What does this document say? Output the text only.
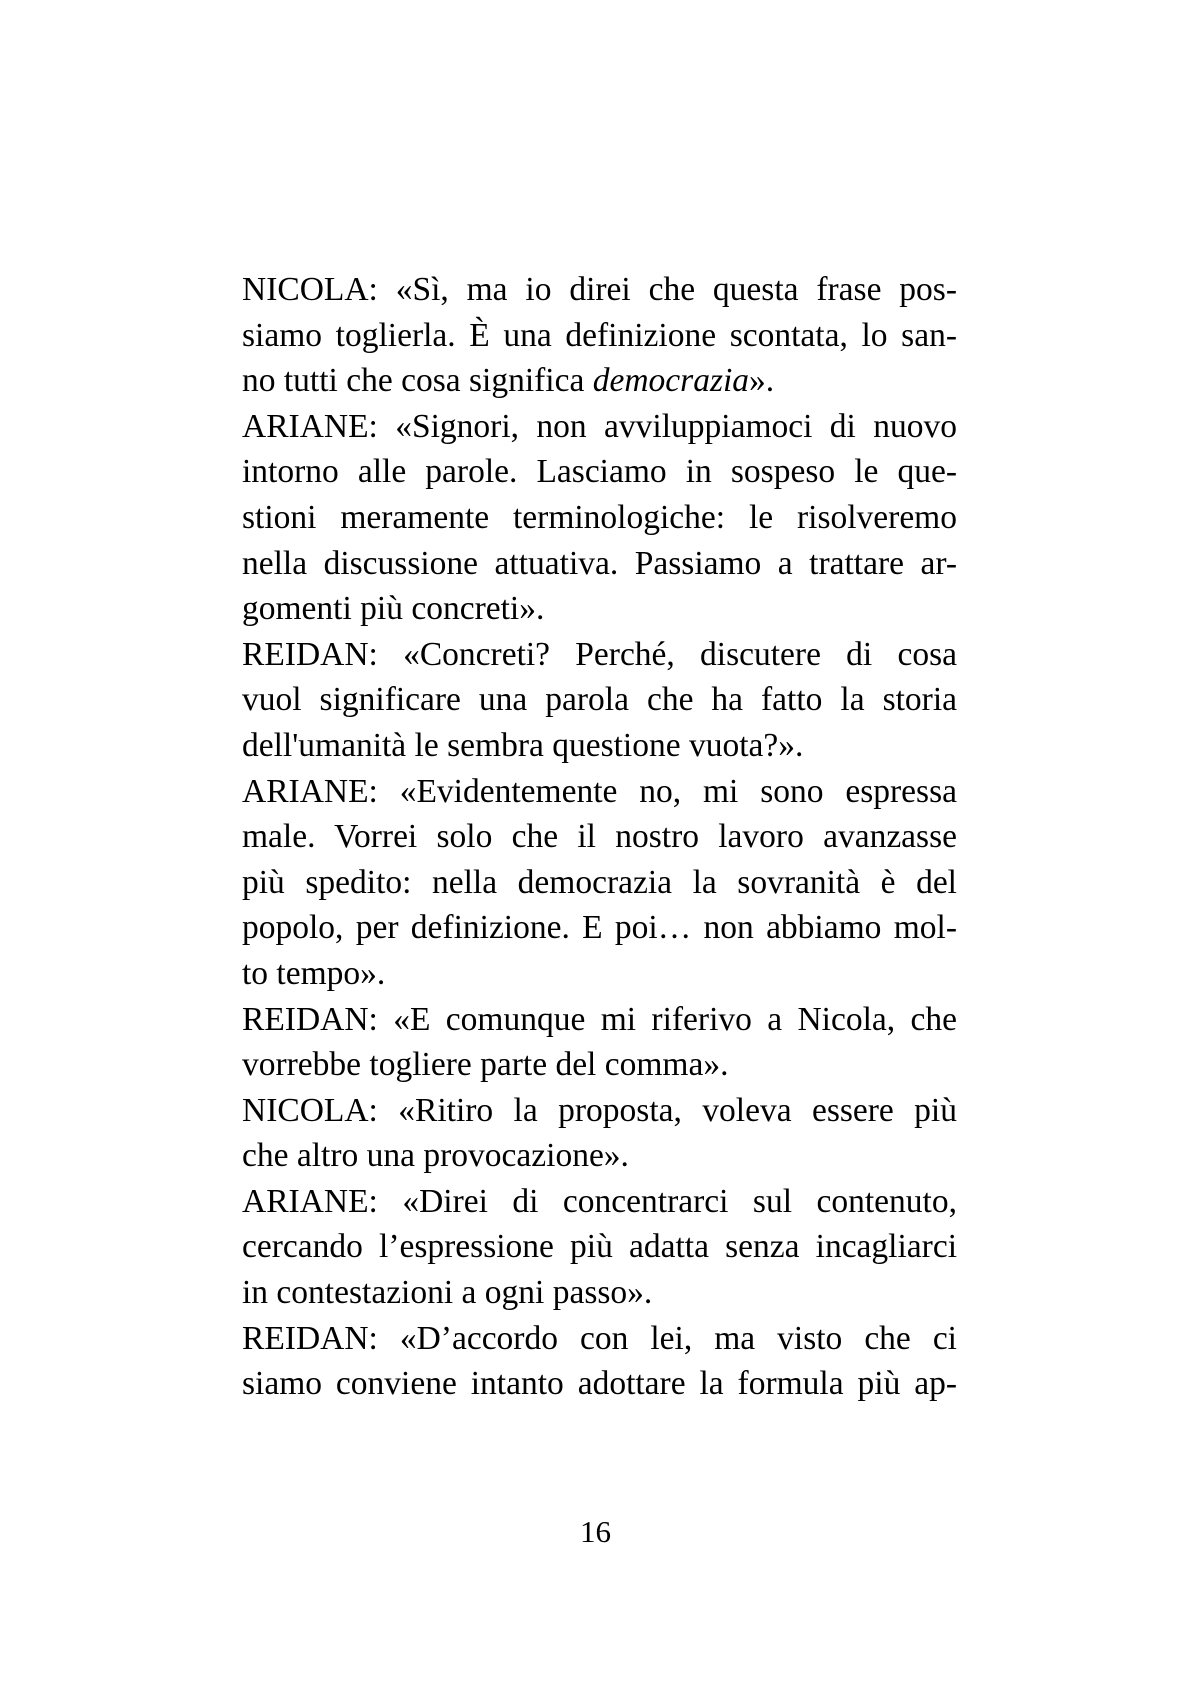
NICOLA: «Sì, ma io direi che questa frase pos-
siamo toglierla. È una definizione scontata, lo san-
no tutti che cosa significa democrazia».

ARIANE: «Signori, non avviluppiamoci di nuovo
intorno alle parole. Lasciamo in sospeso le que-
stioni meramente terminologiche: le risolveremo
nella discussione attuativa. Passiamo a trattare ar-
gomenti più concreti».

REIDAN: «Concreti? Perché, discutere di cosa
vuol significare una parola che ha fatto la storia
dell'umanità le sembra questione vuota?».

ARIANE: «Evidentemente no, mi sono espressa
male. Vorrei solo che il nostro lavoro avanzasse
più spedito: nella democrazia la sovranità è del
popolo, per definizione. E poi… non abbiamo mol-
to tempo».

REIDAN: «E comunque mi riferivo a Nicola, che
vorrebbe togliere parte del comma».

NICOLA: «Ritiro la proposta, voleva essere più
che altro una provocazione».

ARIANE: «Direi di concentrarci sul contenuto,
cercando l’espressione più adatta senza incagliarci
in contestazioni a ogni passo».

REIDAN: «D’accordo con lei, ma visto che ci
siamo conviene intanto adottare la formula più ap-

16
